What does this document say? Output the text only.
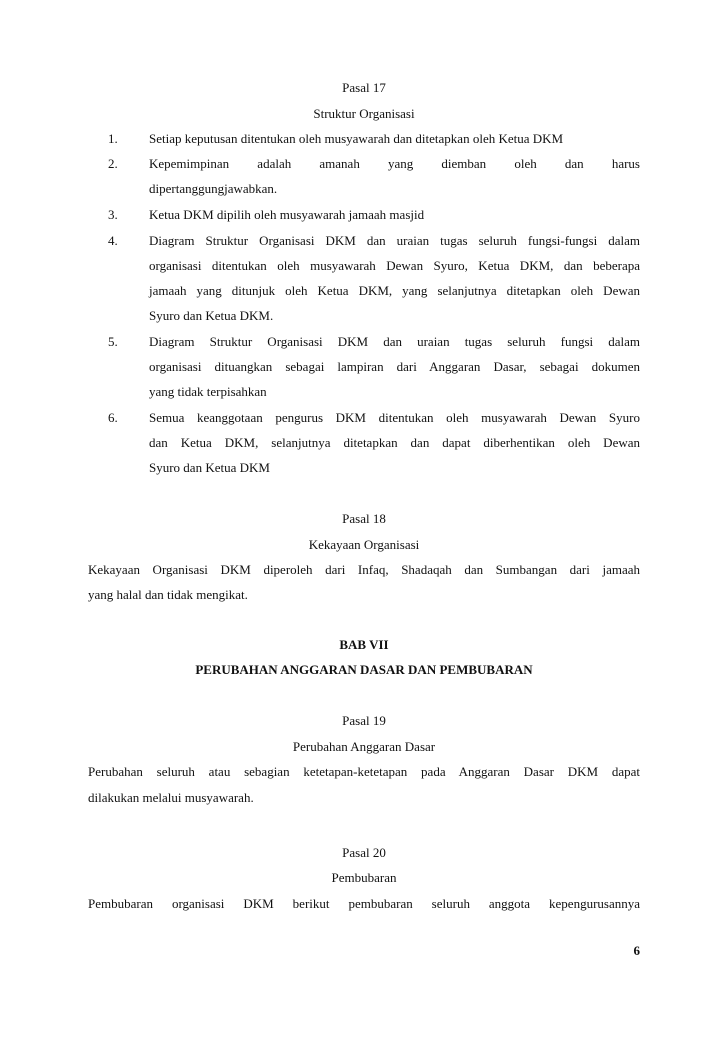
Pasal 17
Struktur Organisasi
1. Setiap keputusan ditentukan oleh musyawarah dan ditetapkan oleh Ketua DKM
2. Kepemimpinan adalah amanah yang diemban oleh dan harus
dipertanggungjawabkan.
3. Ketua DKM dipilih oleh musyawarah jamaah masjid
4. Diagram Struktur Organisasi DKM dan uraian tugas seluruh fungsi-fungsi dalam
organisasi ditentukan oleh musyawarah Dewan Syuro, Ketua DKM, dan beberapa
jamaah yang ditunjuk oleh Ketua DKM, yang selanjutnya ditetapkan oleh Dewan
Syuro dan Ketua DKM.
5. Diagram Struktur Organisasi DKM dan uraian tugas seluruh fungsi dalam
organisasi dituangkan sebagai lampiran dari Anggaran Dasar, sebagai dokumen
yang tidak terpisahkan
6. Semua keanggotaan pengurus DKM ditentukan oleh musyawarah Dewan Syuro
dan Ketua DKM, selanjutnya ditetapkan dan dapat diberhentikan oleh Dewan
Syuro dan Ketua DKM
Pasal 18
Kekayaan Organisasi
Kekayaan Organisasi DKM diperoleh dari Infaq, Shadaqah dan Sumbangan dari jamaah
yang halal dan tidak mengikat.
BAB VII
PERUBAHAN ANGGARAN DASAR DAN PEMBUBARAN
Pasal 19
Perubahan Anggaran Dasar
Perubahan seluruh atau sebagian ketetapan-ketetapan pada Anggaran Dasar DKM dapat
dilakukan melalui musyawarah.
Pasal 20
Pembubaran
Pembubaran organisasi DKM berikut pembubaran seluruh anggota kepengurusannya
6
